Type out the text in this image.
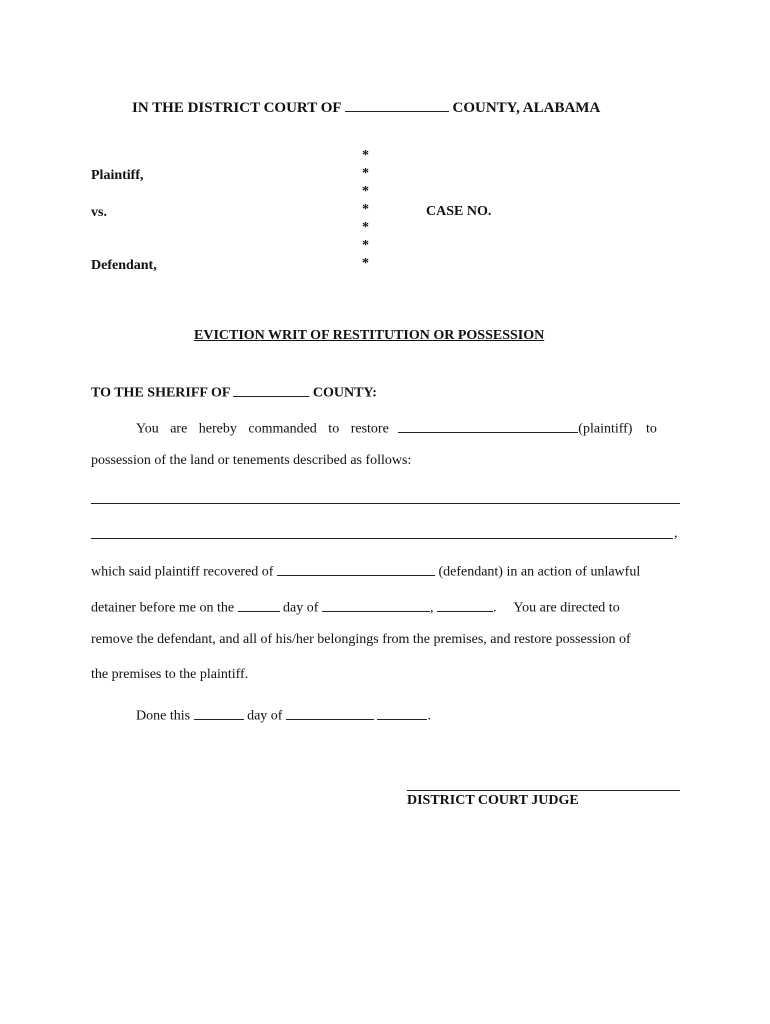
IN THE DISTRICT COURT OF	COUNTY, ALABAMA
*
*
*
*
*
*
*
Plaintiff,
vs.	CASE NO.
Defendant,
EVICTION WRIT OF RESTITUTION OR POSSESSION
TO THE SHERIFF OF	COUNTY:
You are hereby commanded to restore	(plaintiff) to
possession of the land or tenements described as follows:
,
which said plaintiff recovered of	(defendant) in an action of unlawful
detainer before me on the	day of	,	.     You are directed to
remove the defendant, and all of his/her belongings from the premises, and restore possession of
the premises to the plaintiff.
Done this	day of	.
DISTRICT COURT JUDGE
